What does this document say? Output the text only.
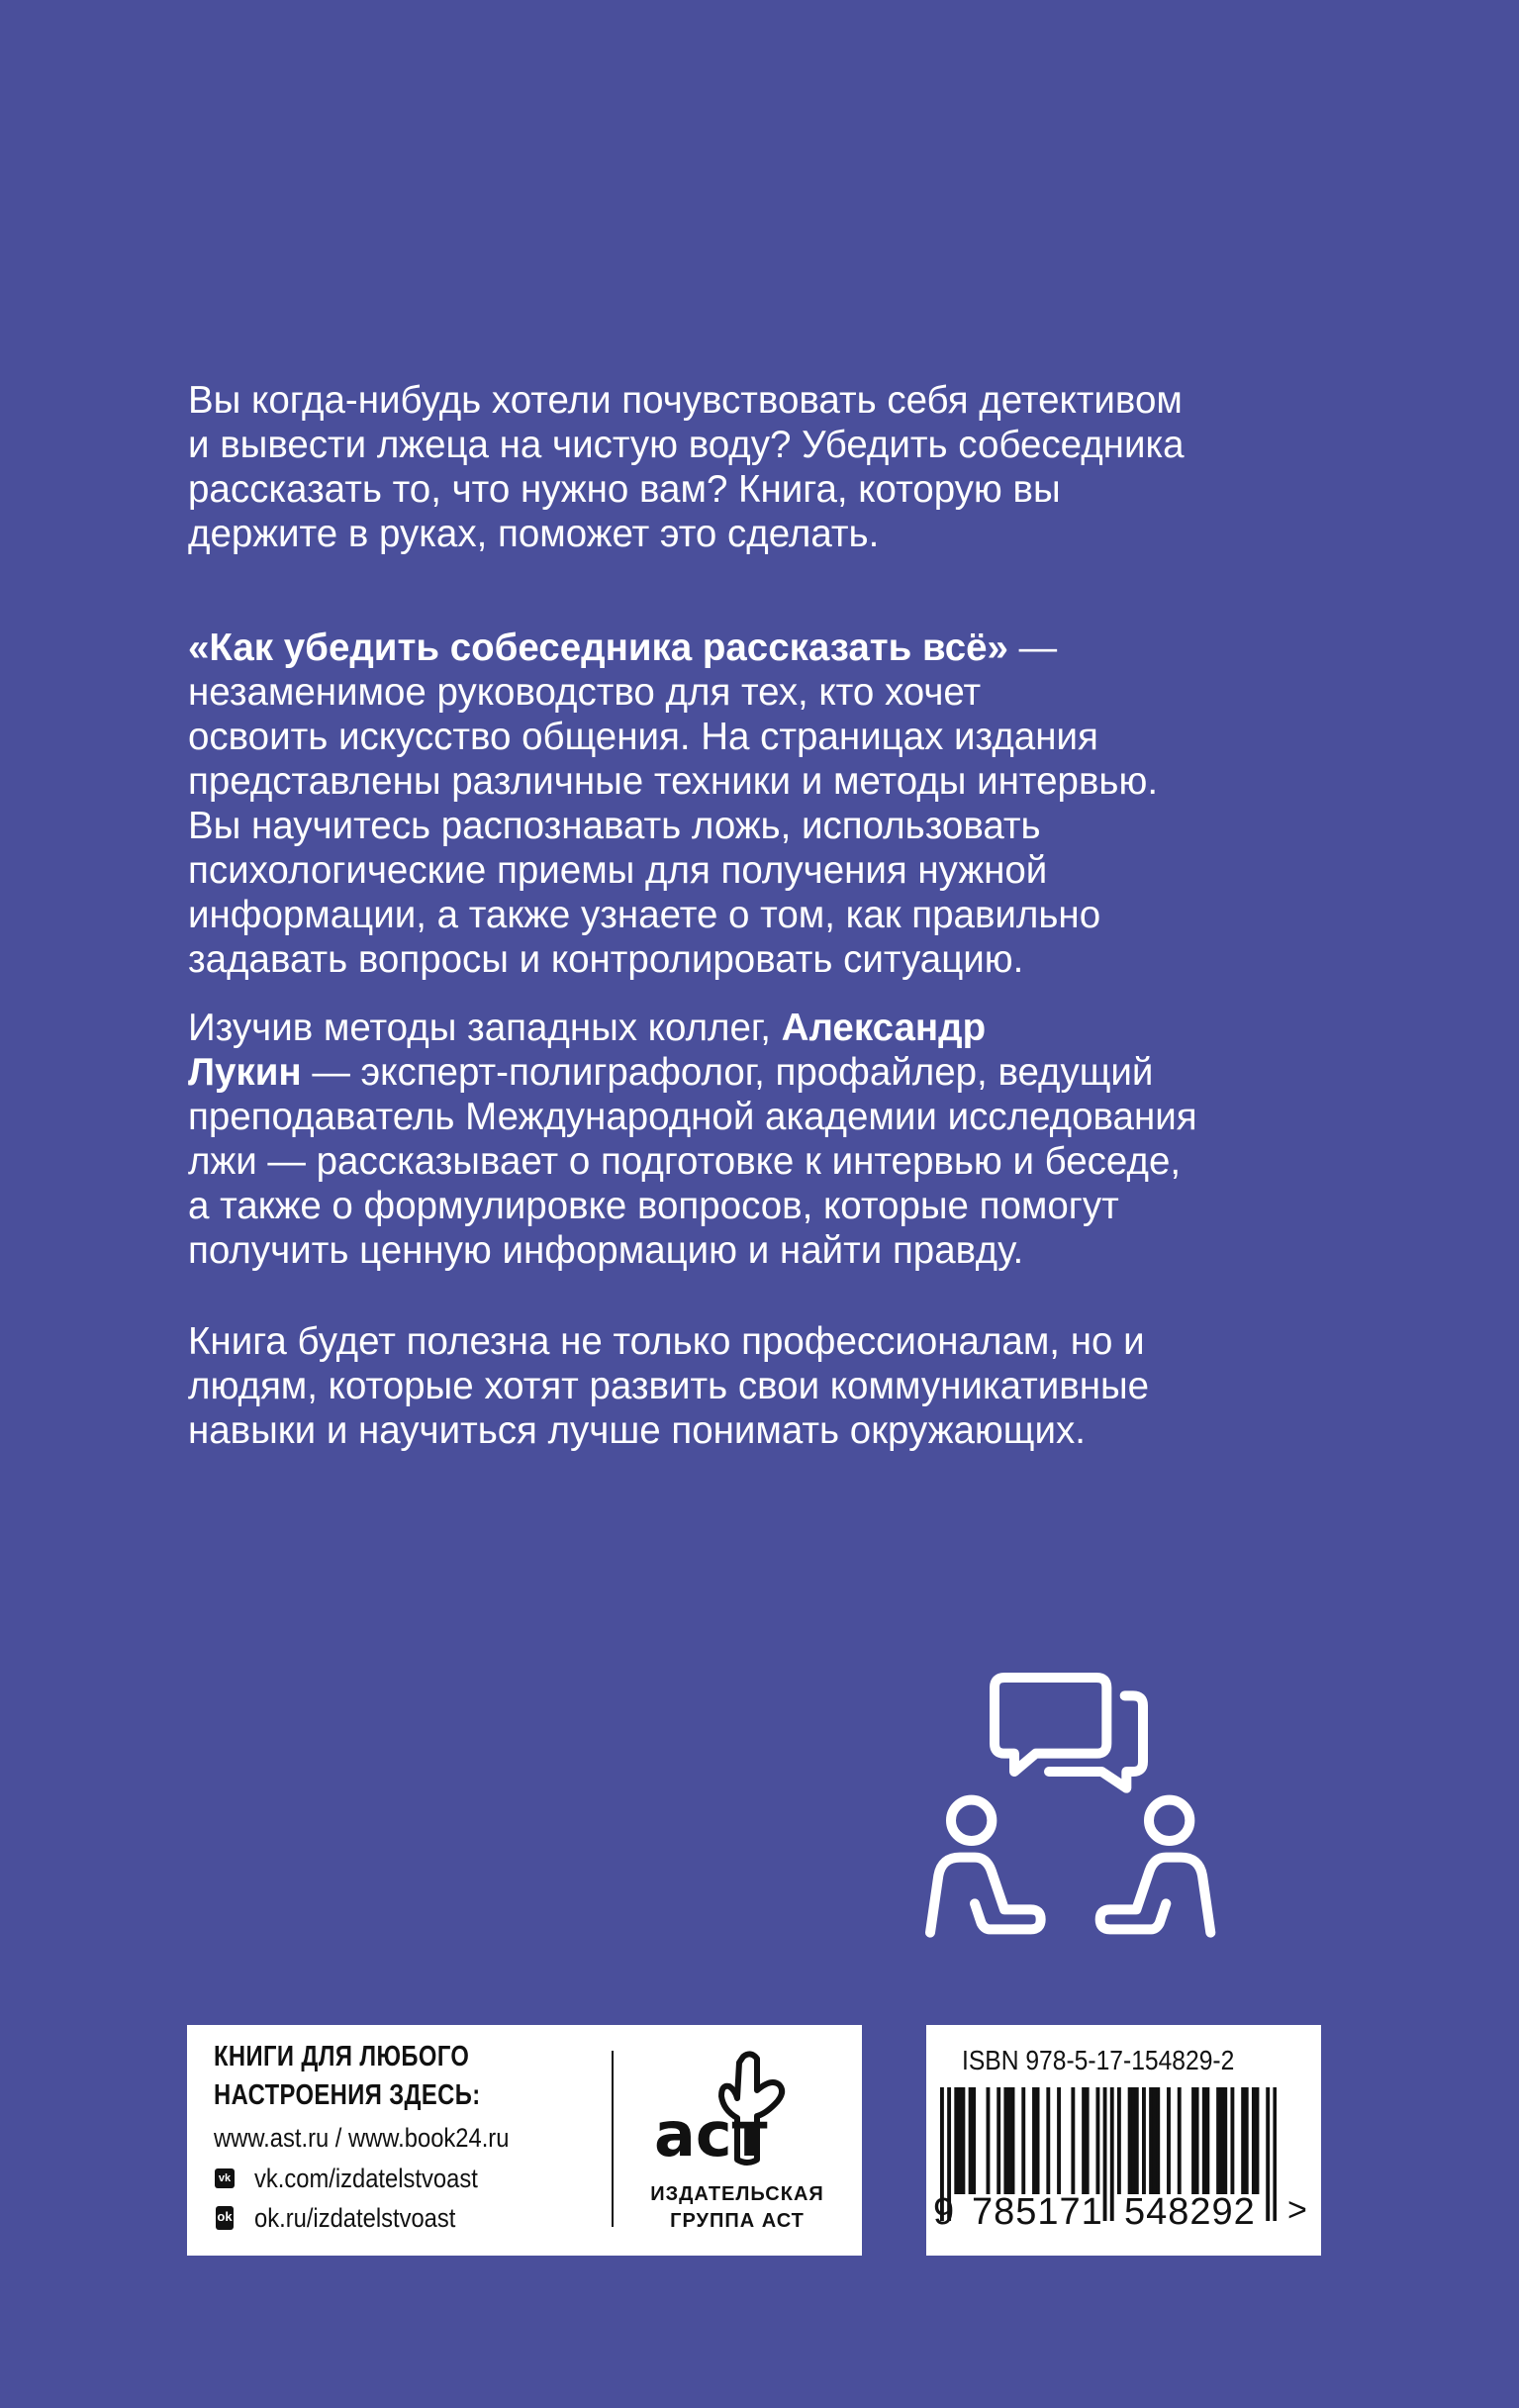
Вы когда-нибудь хотели почувствовать себя детективом
и вывести лжеца на чистую воду? Убедить собеседника
рассказать то, что нужно вам? Книга, которую вы
держите в руках, поможет это сделать.
«Как убедить собеседника рассказать всё» —
незаменимое руководство для тех, кто хочет
освоить искусство общения. На страницах издания
представлены различные техники и методы интервью.
Вы научитесь распознавать ложь, использовать
психологические приемы для получения нужной
информации, а также узнаете о том, как правильно
задавать вопросы и контролировать ситуацию.
Изучив методы западных коллег, Александр
Лукин — эксперт-полиграфолог, профайлер, ведущий
преподаватель Международной академии исследования
лжи — рассказывает о подготовке к интервью и беседе,
а также о формулировке вопросов, которые помогут
получить ценную информацию и найти правду.
Книга будет полезна не только профессионалам, но и
людям, которые хотят развить свои коммуникативные
навыки и научиться лучше понимать окружающих.
КНИГИ ДЛЯ ЛЮБОГО
НАСТРОЕНИЯ ЗДЕСЬ:
www.ast.ru / www.book24.ru
vk vk.com/izdatelstvoast
ok ok.ru/izdatelstvoast
аст
ИЗДАТЕЛЬСКАЯ
ГРУППА АСТ
ISBN 978-5-17-154829-2
9 785171 548292 >
